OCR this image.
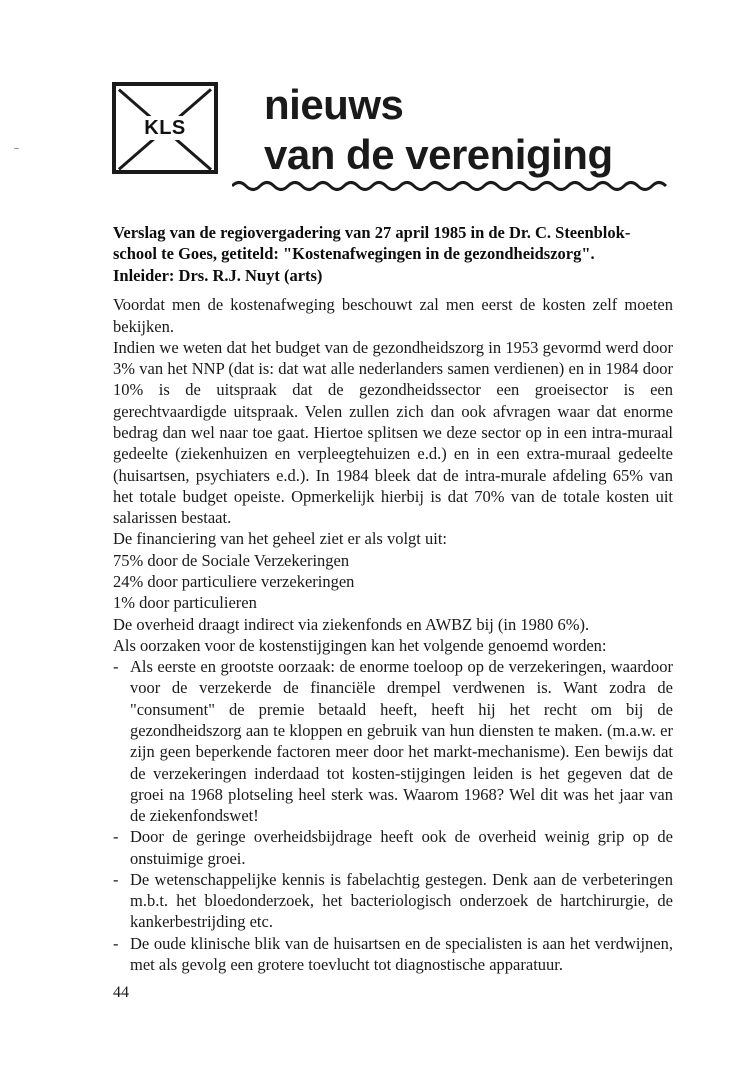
KLS nieuws
van de vereniging
Verslag van de regiovergadering van 27 april 1985 in de Dr. C. Steenblok-
school te Goes, getiteld: "Kostenafwegingen in de gezondheidszorg".
Inleider: Drs. R.J. Nuyt (arts)

Voordat men de kostenafweging beschouwt zal men eerst de kosten zelf moeten bekijken.

Indien we weten dat het budget van de gezondheidszorg in 1953 gevormd werd door 3% van het NNP (dat is: dat wat alle nederlanders samen verdienen) en in 1984 door 10% is de uitspraak dat de gezondheidssector een groeisector is een gerechtvaardigde uitspraak. Velen zullen zich dan ook afvragen waar dat enorme bedrag dan wel naar toe gaat. Hiertoe splitsen we deze sector op in een intra-muraal gedeelte (ziekenhuizen en verpleegtehuizen e.d.) en in een extra-muraal gedeelte (huisartsen, psychiaters e.d.). In 1984 bleek dat de intra-murale afdeling 65% van het totale budget opeiste. Opmerkelijk hierbij is dat 70% van de totale kosten uit salarissen bestaat.

De financiering van het geheel ziet er als volgt uit:

75% door de Sociale Verzekeringen
24% door particuliere verzekeringen
1% door particulieren

De overheid draagt indirect via ziekenfonds en AWBZ bij (in 1980 6%).

Als oorzaken voor de kostenstijgingen kan het volgende genoemd worden:

- Als eerste en grootste oorzaak: de enorme toeloop op de verzekeringen, waardoor voor de verzekerde de financiële drempel verdwenen is. Want zodra de "consument" de premie betaald heeft, heeft hij het recht om bij de gezondheidszorg aan te kloppen en gebruik van hun diensten te maken. (m.a.w. er zijn geen beperkende factoren meer door het markt-mechanisme). Een bewijs dat de verzekeringen inderdaad tot kosten-stijgingen leiden is het gegeven dat de groei na 1968 plotseling heel sterk was. Waarom 1968? Wel dit was het jaar van de ziekenfondswet!
- Door de geringe overheidsbijdrage heeft ook de overheid weinig grip op de onstuimige groei.
- De wetenschappelijke kennis is fabelachtig gestegen. Denk aan de verbeteringen m.b.t. het bloedonderzoek, het bacteriologisch onderzoek de hartchirurgie, de kankerbestrijding etc.
- De oude klinische blik van de huisartsen en de specialisten is aan het verdwijnen, met als gevolg een grotere toevlucht tot diagnostische apparatuur.
44
